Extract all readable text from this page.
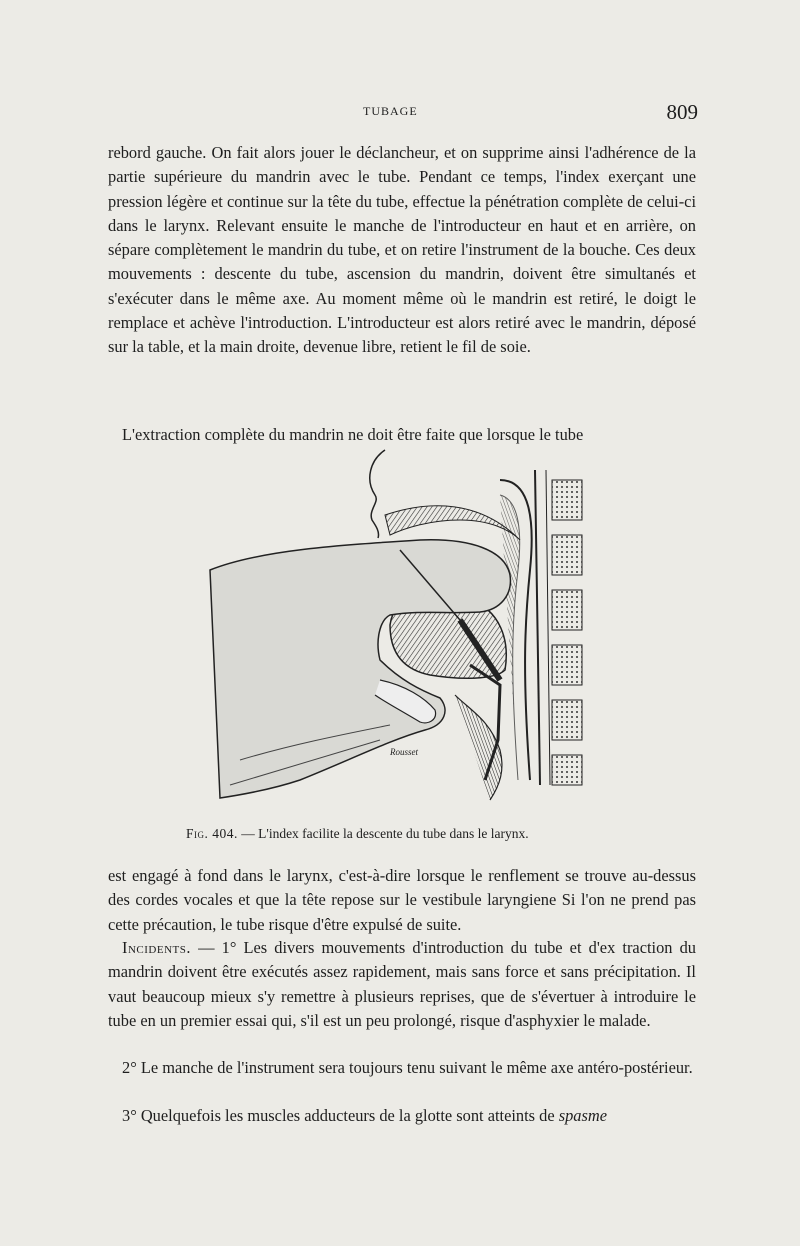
TUBAGE	809

rebord gauche. On fait alors jouer le déclancheur, et on supprime ainsi l'adhérence de la partie supérieure du mandrin avec le tube. Pendant ce temps, l'index exerçant une pression légère et continue sur la tête du tube, effectue la pénétration complète de celui-ci dans le larynx. Relevant ensuite le manche de l'introducteur en haut et en arrière, on sépare complètement le mandrin du tube, et on retire l'instrument de la bouche. Ces deux mouvements : descente du tube, ascension du mandrin, doivent être simultanés et s'exécuter dans le même axe. Au moment même où le mandrin est retiré, le doigt le remplace et achève l'introduction. L'introducteur est alors retiré avec le mandrin, déposé sur la table, et la main droite, devenue libre, retient le fil de soie.

L'extraction complète du mandrin ne doit être faite que lorsque le tube

Rousset
Fig. 404. — L'index facilite la descente du tube dans le larynx.

est engagé à fond dans le larynx, c'est-à-dire lorsque le renflement se trouve au-dessus des cordes vocales et que la tête repose sur le vestibule laryngiene Si l'on ne prend pas cette précaution, le tube risque d'être expulsé de suite.

Incidents. — 1° Les divers mouvements d'introduction du tube et d'ex traction du mandrin doivent être exécutés assez rapidement, mais sans force et sans précipitation. Il vaut beaucoup mieux s'y remettre à plusieurs reprises, que de s'évertuer à introduire le tube en un premier essai qui, s'il est un peu prolongé, risque d'asphyxier le malade.

2° Le manche de l'instrument sera toujours tenu suivant le même axe antéro-postérieur.

3° Quelquefois les muscles adducteurs de la glotte sont atteints de spasme
